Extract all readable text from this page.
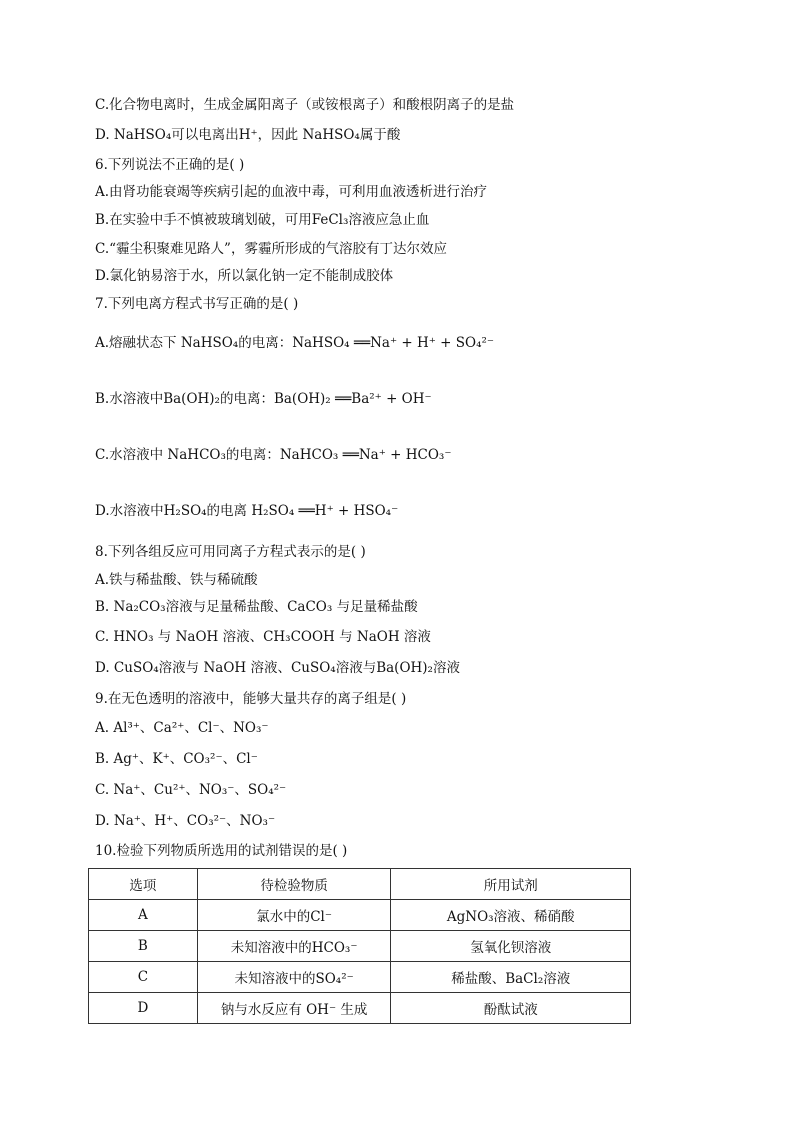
C.化合物电离时，生成金属阳离子（或铵根离子）和酸根阴离子的是盐
D. NaHSO₄可以电离出H⁺，因此 NaHSO₄属于酸
6.下列说法不正确的是( )
A.由肾功能衰竭等疾病引起的血液中毒，可利用血液透析进行治疗
B.在实验中手不慎被玻璃划破，可用FeCl₃溶液应急止血
C.“霾尘积聚难见路人”，雾霾所形成的气溶胶有丁达尔效应
D.氯化钠易溶于水，所以氯化钠一定不能制成胶体
7.下列电离方程式书写正确的是( )
A.熔融状态下 NaHSO₄的电离：NaHSO₄ ══Na⁺ + H⁺ + SO₄²⁻
B.水溶液中Ba(OH)₂的电离：Ba(OH)₂ ══Ba²⁺ + OH⁻
C.水溶液中 NaHCO₃的电离：NaHCO₃ ══Na⁺ + HCO₃⁻
D.水溶液中H₂SO₄的电离 H₂SO₄ ══H⁺ + HSO₄⁻
8.下列各组反应可用同离子方程式表示的是( )
A.铁与稀盐酸、铁与稀硫酸
B. Na₂CO₃溶液与足量稀盐酸、CaCO₃ 与足量稀盐酸
C. HNO₃ 与 NaOH 溶液、CH₃COOH 与 NaOH 溶液
D. CuSO₄溶液与 NaOH 溶液、CuSO₄溶液与Ba(OH)₂溶液
9.在无色透明的溶液中，能够大量共存的离子组是( )
A. Al³⁺、Ca²⁺、Cl⁻、NO₃⁻
B. Ag⁺、K⁺、CO₃²⁻、Cl⁻
C. Na⁺、Cu²⁺、NO₃⁻、SO₄²⁻
D. Na⁺、H⁺、CO₃²⁻、NO₃⁻
10.检验下列物质所选用的试剂错误的是( )
选项	待检验物质	所用试剂
A	氯水中的Cl⁻	AgNO₃溶液、稀硝酸
B	未知溶液中的HCO₃⁻	氢氧化钡溶液
C	未知溶液中的SO₄²⁻	稀盐酸、BaCl₂溶液
D	钠与水反应有 OH⁻ 生成	酚酞试液
